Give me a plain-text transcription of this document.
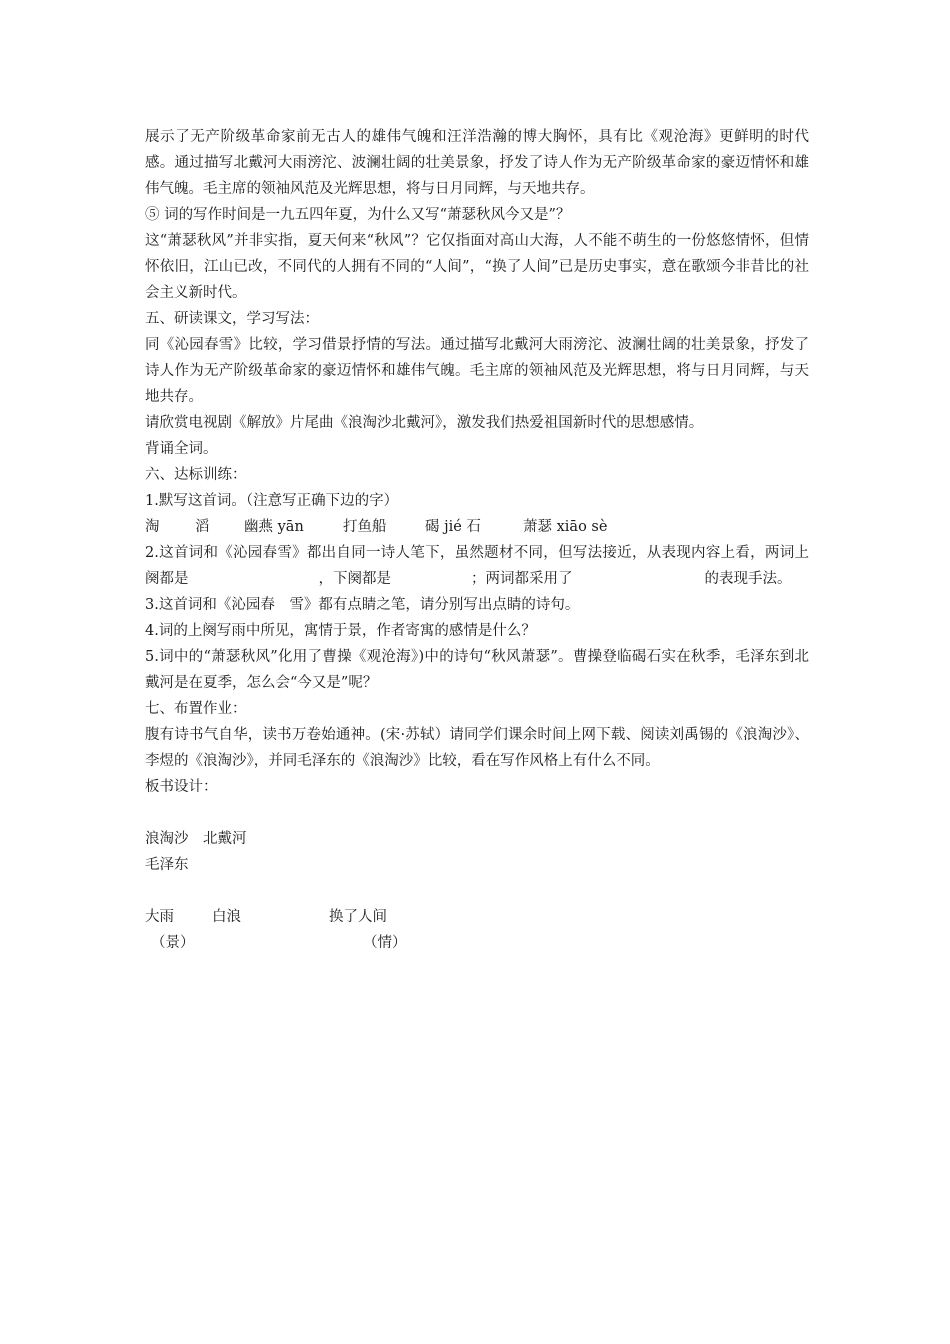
展示了无产阶级革命家前无古人的雄伟气魄和汪洋浩瀚的博大胸怀，具有比《观沧海》更鲜明的时代感。通过描写北戴河大雨滂沱、波澜壮阔的壮美景象，抒发了诗人作为无产阶级革命家的豪迈情怀和雄伟气魄。毛主席的领袖风范及光辉思想，将与日月同辉，与天地共存。

⑤ 词的写作时间是一九五四年夏，为什么又写“萧瑟秋风今又是”？

这“萧瑟秋风”并非实指，夏天何来“秋风”？它仅指面对高山大海，人不能不萌生的一份悠悠情怀，但情怀依旧，江山已改，不同代的人拥有不同的“人间”，“换了人间”已是历史事实，意在歌颂今非昔比的社会主义新时代。

五、研读课文，学习写法：

同《沁园春雪》比较，学习借景抒情的写法。通过描写北戴河大雨滂沱、波澜壮阔的壮美景象，抒发了诗人作为无产阶级革命家的豪迈情怀和雄伟气魄。毛主席的领袖风范及光辉思想，将与日月同辉，与天地共存。

请欣赏电视剧《解放》片尾曲《浪淘沙北戴河》，激发我们热爱祖国新时代的思想感情。

背诵全词。

六、达标训练：

1.默写这首词。（注意写正确下边的字）

淘 滔 幽燕 yān	打鱼船	碣 jié 石	萧瑟 xiāo sè

2.这首词和《沁园春雪》都出自同一诗人笔下，虽然题材不同，但写法接近，从表现内容上看，两词上阕都是	，下阕都是	；两词都采用了	的表现手法。

3.这首词和《沁园春　雪》都有点睛之笔，请分别写出点睛的诗句。

4.词的上阕写雨中所见，寓情于景，作者寄寓的感情是什么？

5.词中的“萧瑟秋风”化用了曹操《观沧海》)中的诗句“秋风萧瑟”。曹操登临碣石实在秋季，毛泽东到北戴河是在夏季，怎么会“今又是”呢？

七、布置作业：

腹有诗书气自华，读书万卷始通神。(宋·苏轼）请同学们课余时间上网下载、阅读刘禹锡的《浪淘沙》、李煜的《浪淘沙》，并同毛泽东的《浪淘沙》比较，看在写作风格上有什么不同。

板书设计：

浪淘沙　北戴河
毛泽东
大雨	白浪	换了人间
（景）	（情）
